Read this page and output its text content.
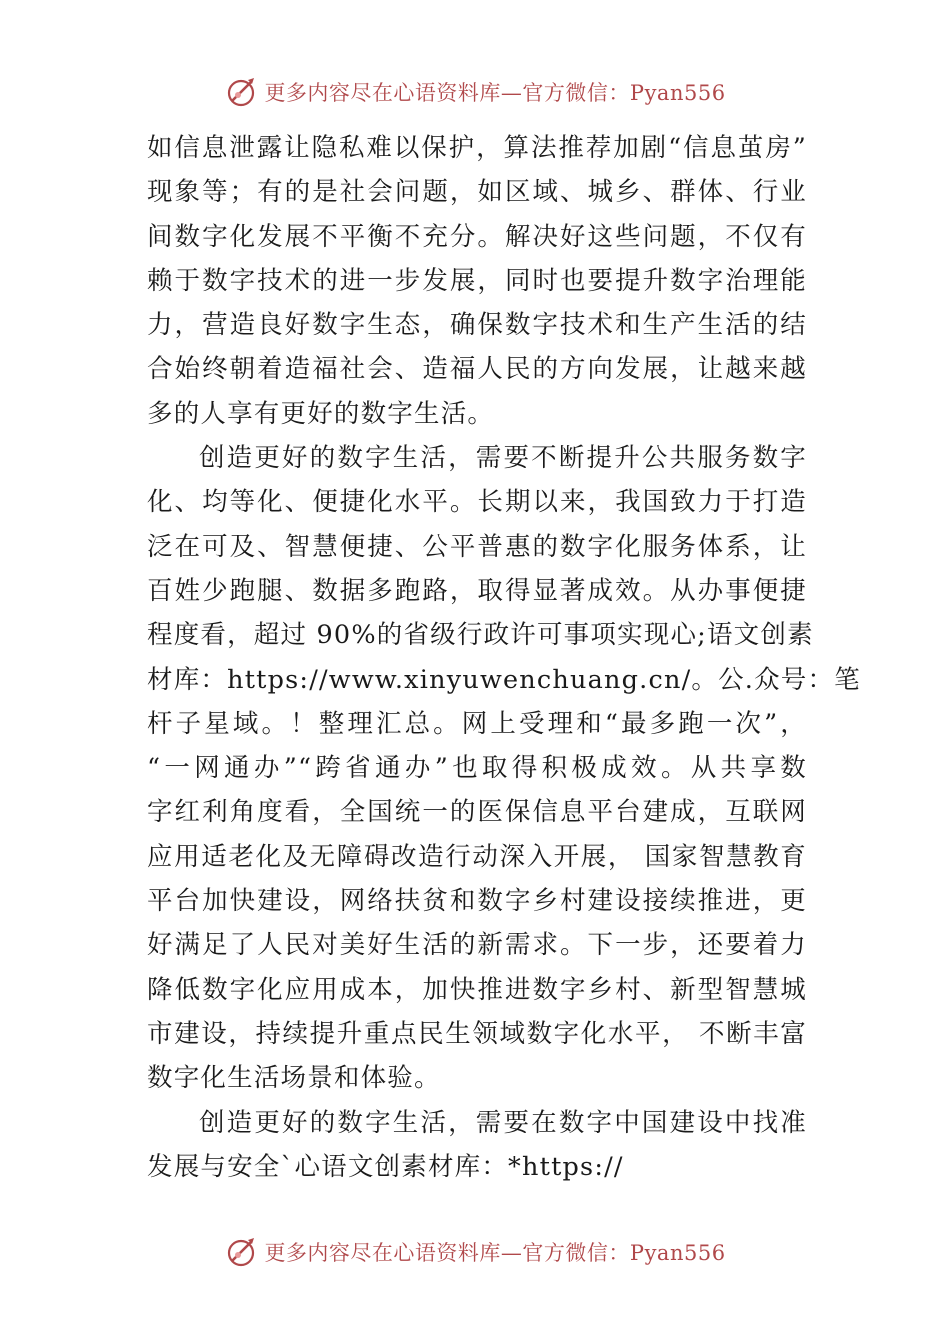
更多内容尽在心语资料库—官方微信：Pyan556
如信息泄露让隐私难以保护，算法推荐加剧“信息茧房”
现象等；有的是社会问题，如区域、城乡、群体、行业
间数字化发展不平衡不充分。解决好这些问题，不仅有
赖于数字技术的进一步发展，同时也要提升数字治理能
力，营造良好数字生态，确保数字技术和生产生活的结
合始终朝着造福社会、造福人民的方向发展，让越来越
多的人享有更好的数字生活。
创造更好的数字生活，需要不断提升公共服务数字
化、均等化、便捷化水平。长期以来，我国致力于打造
泛在可及、智慧便捷、公平普惠的数字化服务体系，让
百姓少跑腿、数据多跑路，取得显著成效。从办事便捷
程度看，超过 90%的省级行政许可事项实现心;语文创素
材库：https://www.xinyuwenchuang.cn/。公.众号：笔
杆子星域。！整理汇总。网上受理和“最多跑一次”，
“一网通办”“跨省通办”也取得积极成效。从共享数
字红利角度看，全国统一的医保信息平台建成，互联网
应用适老化及无障碍改造行动深入开展， 国家智慧教育
平台加快建设，网络扶贫和数字乡村建设接续推进，更
好满足了人民对美好生活的新需求。下一步，还要着力
降低数字化应用成本，加快推进数字乡村、新型智慧城
市建设，持续提升重点民生领域数字化水平， 不断丰富
数字化生活场景和体验。
创造更好的数字生活，需要在数字中国建设中找准
发展与安全`心语文创素材库：*https://
更多内容尽在心语资料库—官方微信：Pyan556
